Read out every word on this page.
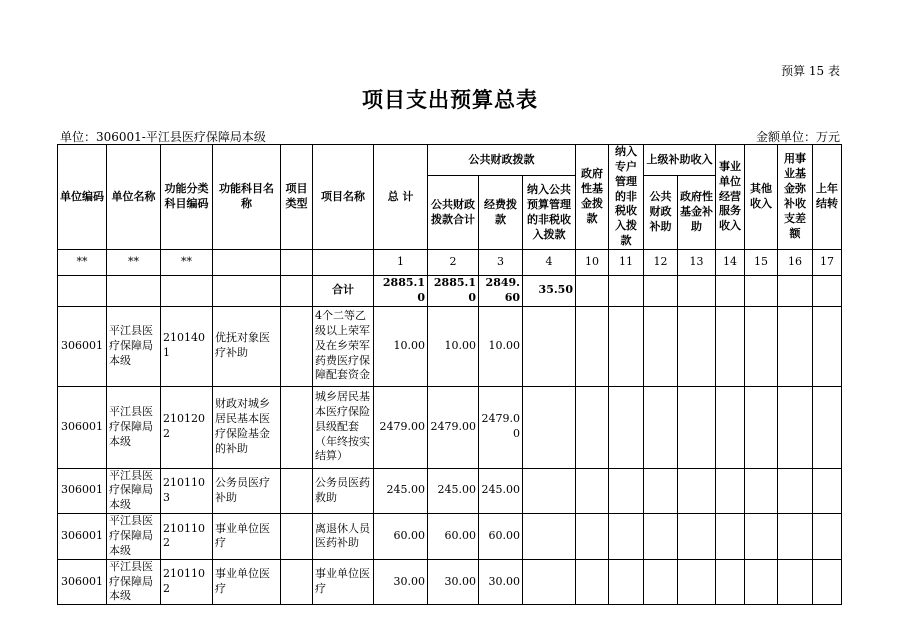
预算 15 表
项目支出预算总表
单位：306001-平江县医疗保障局本级	金额单位：万元
单位编码	单位名称	功能分类科目编码	功能科目名称	项目类型	项目名称	总 计	公共财政拨款			政府性基金拨款	纳入专户管理的非税收入拨款	上级补助收入		事业单位经营服务收入	其他收入	用事业基金弥补收支差额	上年结转
							公共财政拨款合计	经费拨款	纳入公共预算管理的非税收入拨款			公共财政补助	政府性基金补助				
**	**	**				1	2	3	4	10	11	12	13	14	15	16	17
					合计	2885.10	2885.10	2849.60	35.50								
306001	平江县医疗保障局本级	2101401	优抚对象医疗补助		4个二等乙级以上荣军及在乡荣军药费医疗保障配套资金	10.00	10.00	10.00									
306001	平江县医疗保障局本级	2101202	财政对城乡居民基本医疗保险基金的补助		城乡居民基本医疗保险县级配套（年终按实结算）	2479.00	2479.00	2479.00									
306001	平江县医疗保障局本级	2101103	公务员医疗补助		公务员医药救助	245.00	245.00	245.00									
306001	平江县医疗保障局本级	2101102	事业单位医疗		离退休人员医药补助	60.00	60.00	60.00									
306001	平江县医疗保障局本级	2101102	事业单位医疗		事业单位医疗	30.00	30.00	30.00									
